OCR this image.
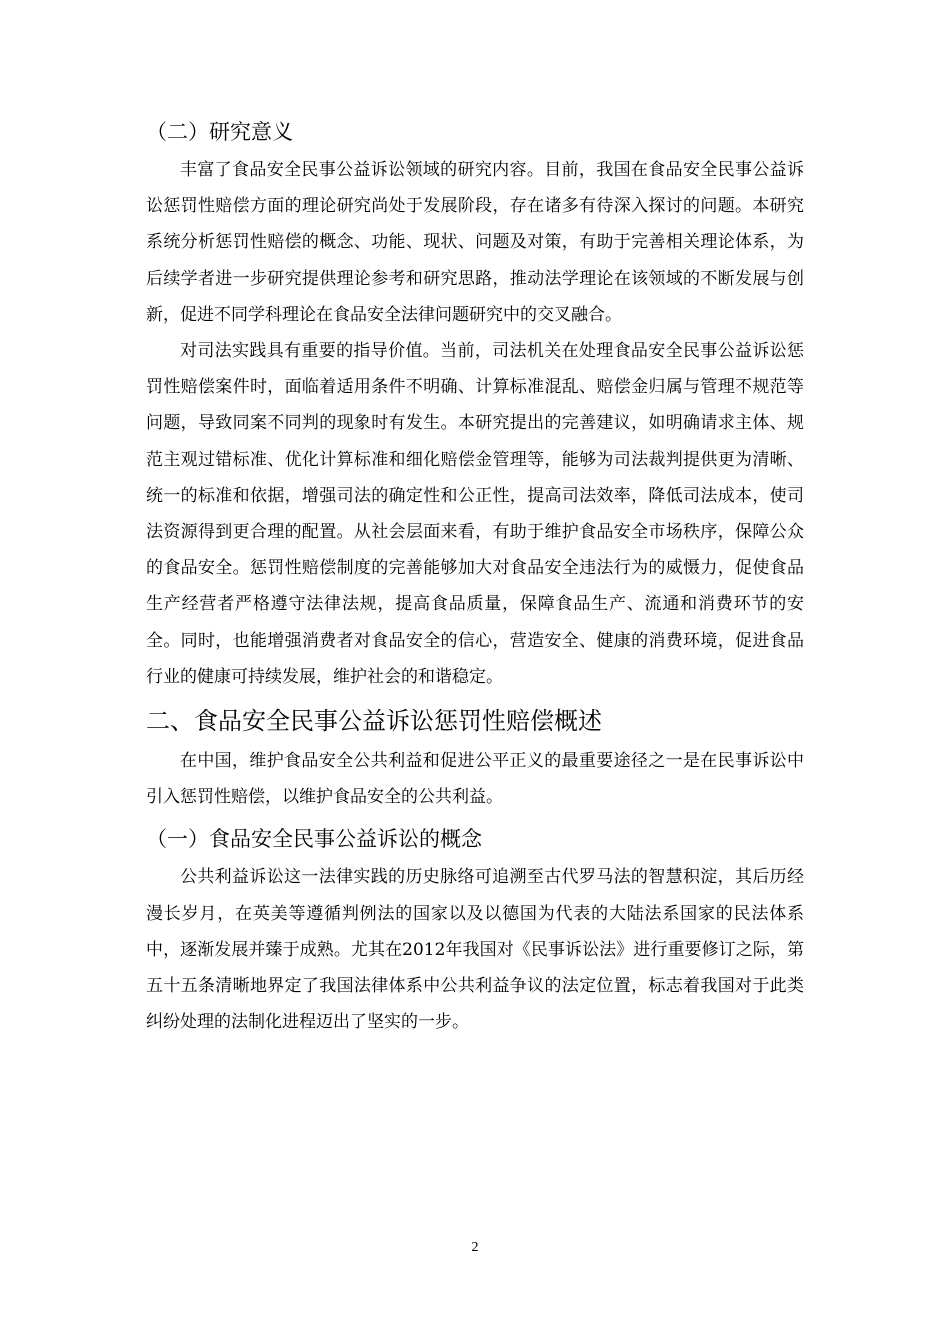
（二）研究意义

丰富了食品安全民事公益诉讼领域的研究内容。目前，我国在食品安全民事公益诉讼惩罚性赔偿方面的理论研究尚处于发展阶段，存在诸多有待深入探讨的问题。本研究系统分析惩罚性赔偿的概念、功能、现状、问题及对策，有助于完善相关理论体系，为后续学者进一步研究提供理论参考和研究思路，推动法学理论在该领域的不断发展与创新，促进不同学科理论在食品安全法律问题研究中的交叉融合。

对司法实践具有重要的指导价值。当前，司法机关在处理食品安全民事公益诉讼惩罚性赔偿案件时，面临着适用条件不明确、计算标准混乱、赔偿金归属与管理不规范等问题，导致同案不同判的现象时有发生。本研究提出的完善建议，如明确请求主体、规范主观过错标准、优化计算标准和细化赔偿金管理等，能够为司法裁判提供更为清晰、统一的标准和依据，增强司法的确定性和公正性，提高司法效率，降低司法成本，使司法资源得到更合理的配置。从社会层面来看，有助于维护食品安全市场秩序，保障公众的食品安全。惩罚性赔偿制度的完善能够加大对食品安全违法行为的威慑力，促使食品生产经营者严格遵守法律法规，提高食品质量，保障食品生产、流通和消费环节的安全。同时，也能增强消费者对食品安全的信心，营造安全、健康的消费环境，促进食品行业的健康可持续发展，维护社会的和谐稳定。

二、食品安全民事公益诉讼惩罚性赔偿概述

在中国，维护食品安全公共利益和促进公平正义的最重要途径之一是在民事诉讼中引入惩罚性赔偿，以维护食品安全的公共利益。

（一）食品安全民事公益诉讼的概念

公共利益诉讼这一法律实践的历史脉络可追溯至古代罗马法的智慧积淀，其后历经漫长岁月，在英美等遵循判例法的国家以及以德国为代表的大陆法系国家的民法体系中，逐渐发展并臻于成熟。尤其在2012年我国对《民事诉讼法》进行重要修订之际，第五十五条清晰地界定了我国法律体系中公共利益争议的法定位置，标志着我国对于此类纠纷处理的法制化进程迈出了坚实的一步。

2
